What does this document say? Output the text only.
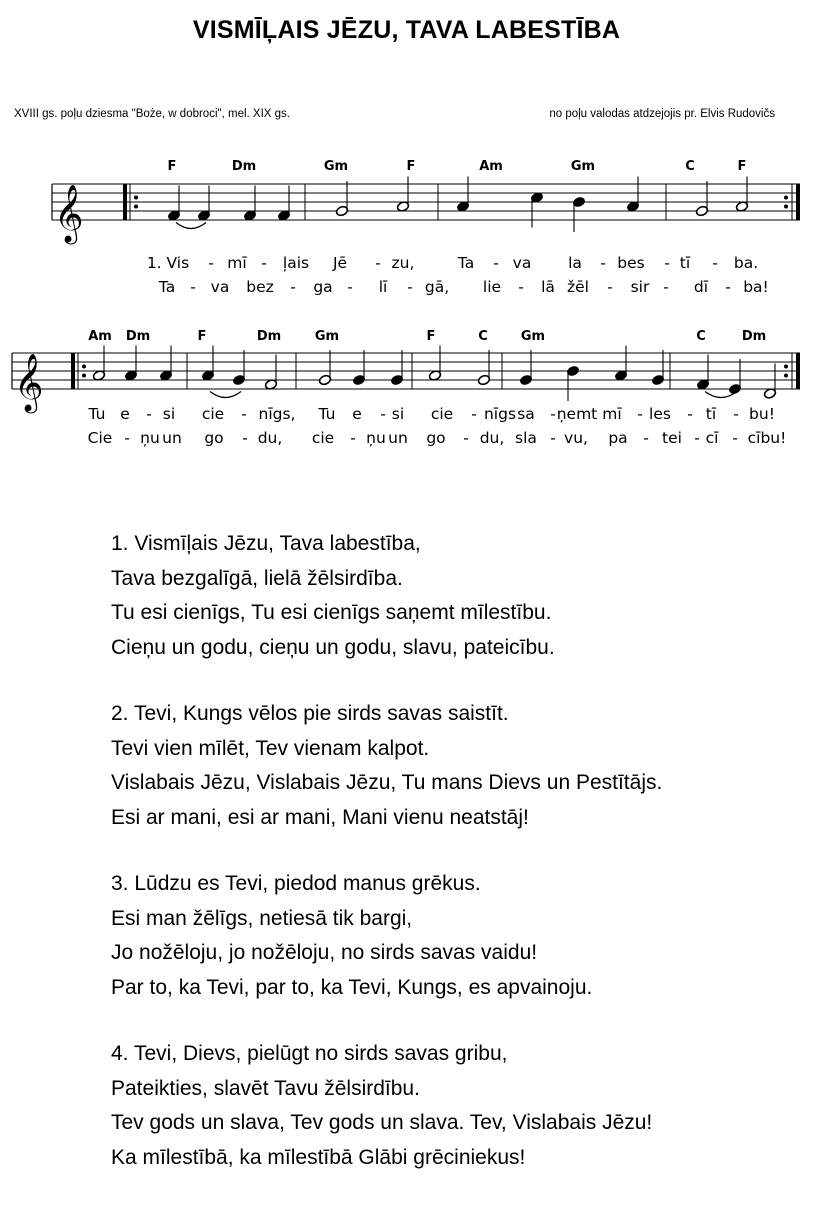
VISMĪĻAIS JĒZU, TAVA LABESTĪBA
XVIII gs. poļu dziesma "Boże, w dobroci", mel. XIX gs.	no poļu valodas atdzejojis pr. Elvis Rudovičs
𝄞
F	Dm	Gm	F	Am	Gm	C	F
1. Vis - mī - ļais Jē - zu,	Ta - va la - bes - tī - ba.
Ta - va bez - ga - lī - gā, lie - lā žēl - sir - dī - ba!
𝄞
Am Dm	F	Dm	Gm	F	C	Gm	C	Dm
Tu e - si cie - nīgs, Tu e - si cie - nīgs sa - ņemt mī - les - tī - bu!
Cie - ņu un go - du, cie - ņu un go - du, sla - vu, pa - tei - cī - cību!
1. Vismīļais Jēzu, Tava labestība,
Tava bezgalīgā, lielā žēlsirdība.
Tu esi cienīgs, Tu esi cienīgs saņemt mīlestību.
Cieņu un godu, cieņu un godu, slavu, pateicību.
2. Tevi, Kungs vēlos pie sirds savas saistīt.
Tevi vien mīlēt, Tev vienam kalpot.
Vislabais Jēzu, Vislabais Jēzu, Tu mans Dievs un Pestītājs.
Esi ar mani, esi ar mani, Mani vienu neatstāj!
3. Lūdzu es Tevi, piedod manus grēkus.
Esi man žēlīgs, netiesā tik bargi,
Jo nožēloju, jo nožēloju, no sirds savas vaidu!
Par to, ka Tevi, par to, ka Tevi, Kungs, es apvainoju.
4. Tevi, Dievs, pielūgt no sirds savas gribu,
Pateikties, slavēt Tavu žēlsirdību.
Tev gods un slava, Tev gods un slava. Tev, Vislabais Jēzu!
Ka mīlestībā, ka mīlestībā Glābi grēciniekus!
